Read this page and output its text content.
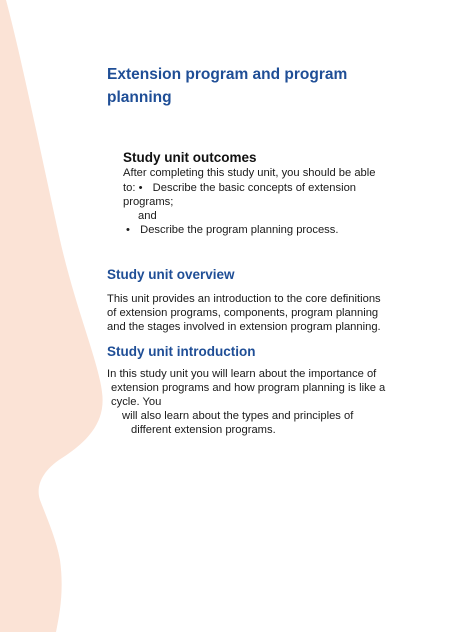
Extension program and program planning
Study unit outcomes

After completing this study unit, you should be able

to: • Describe the basic concepts of extension

programs;

and

• Describe the program planning process.

Study unit overview

This unit provides an introduction to the core definitions

of extension programs, components, program planning

and the stages involved in extension program planning.

Study unit introduction

In this study unit you will learn about the importance of

extension programs and how program planning is like a

cycle. You

will also learn about the types and principles of

different extension programs.
